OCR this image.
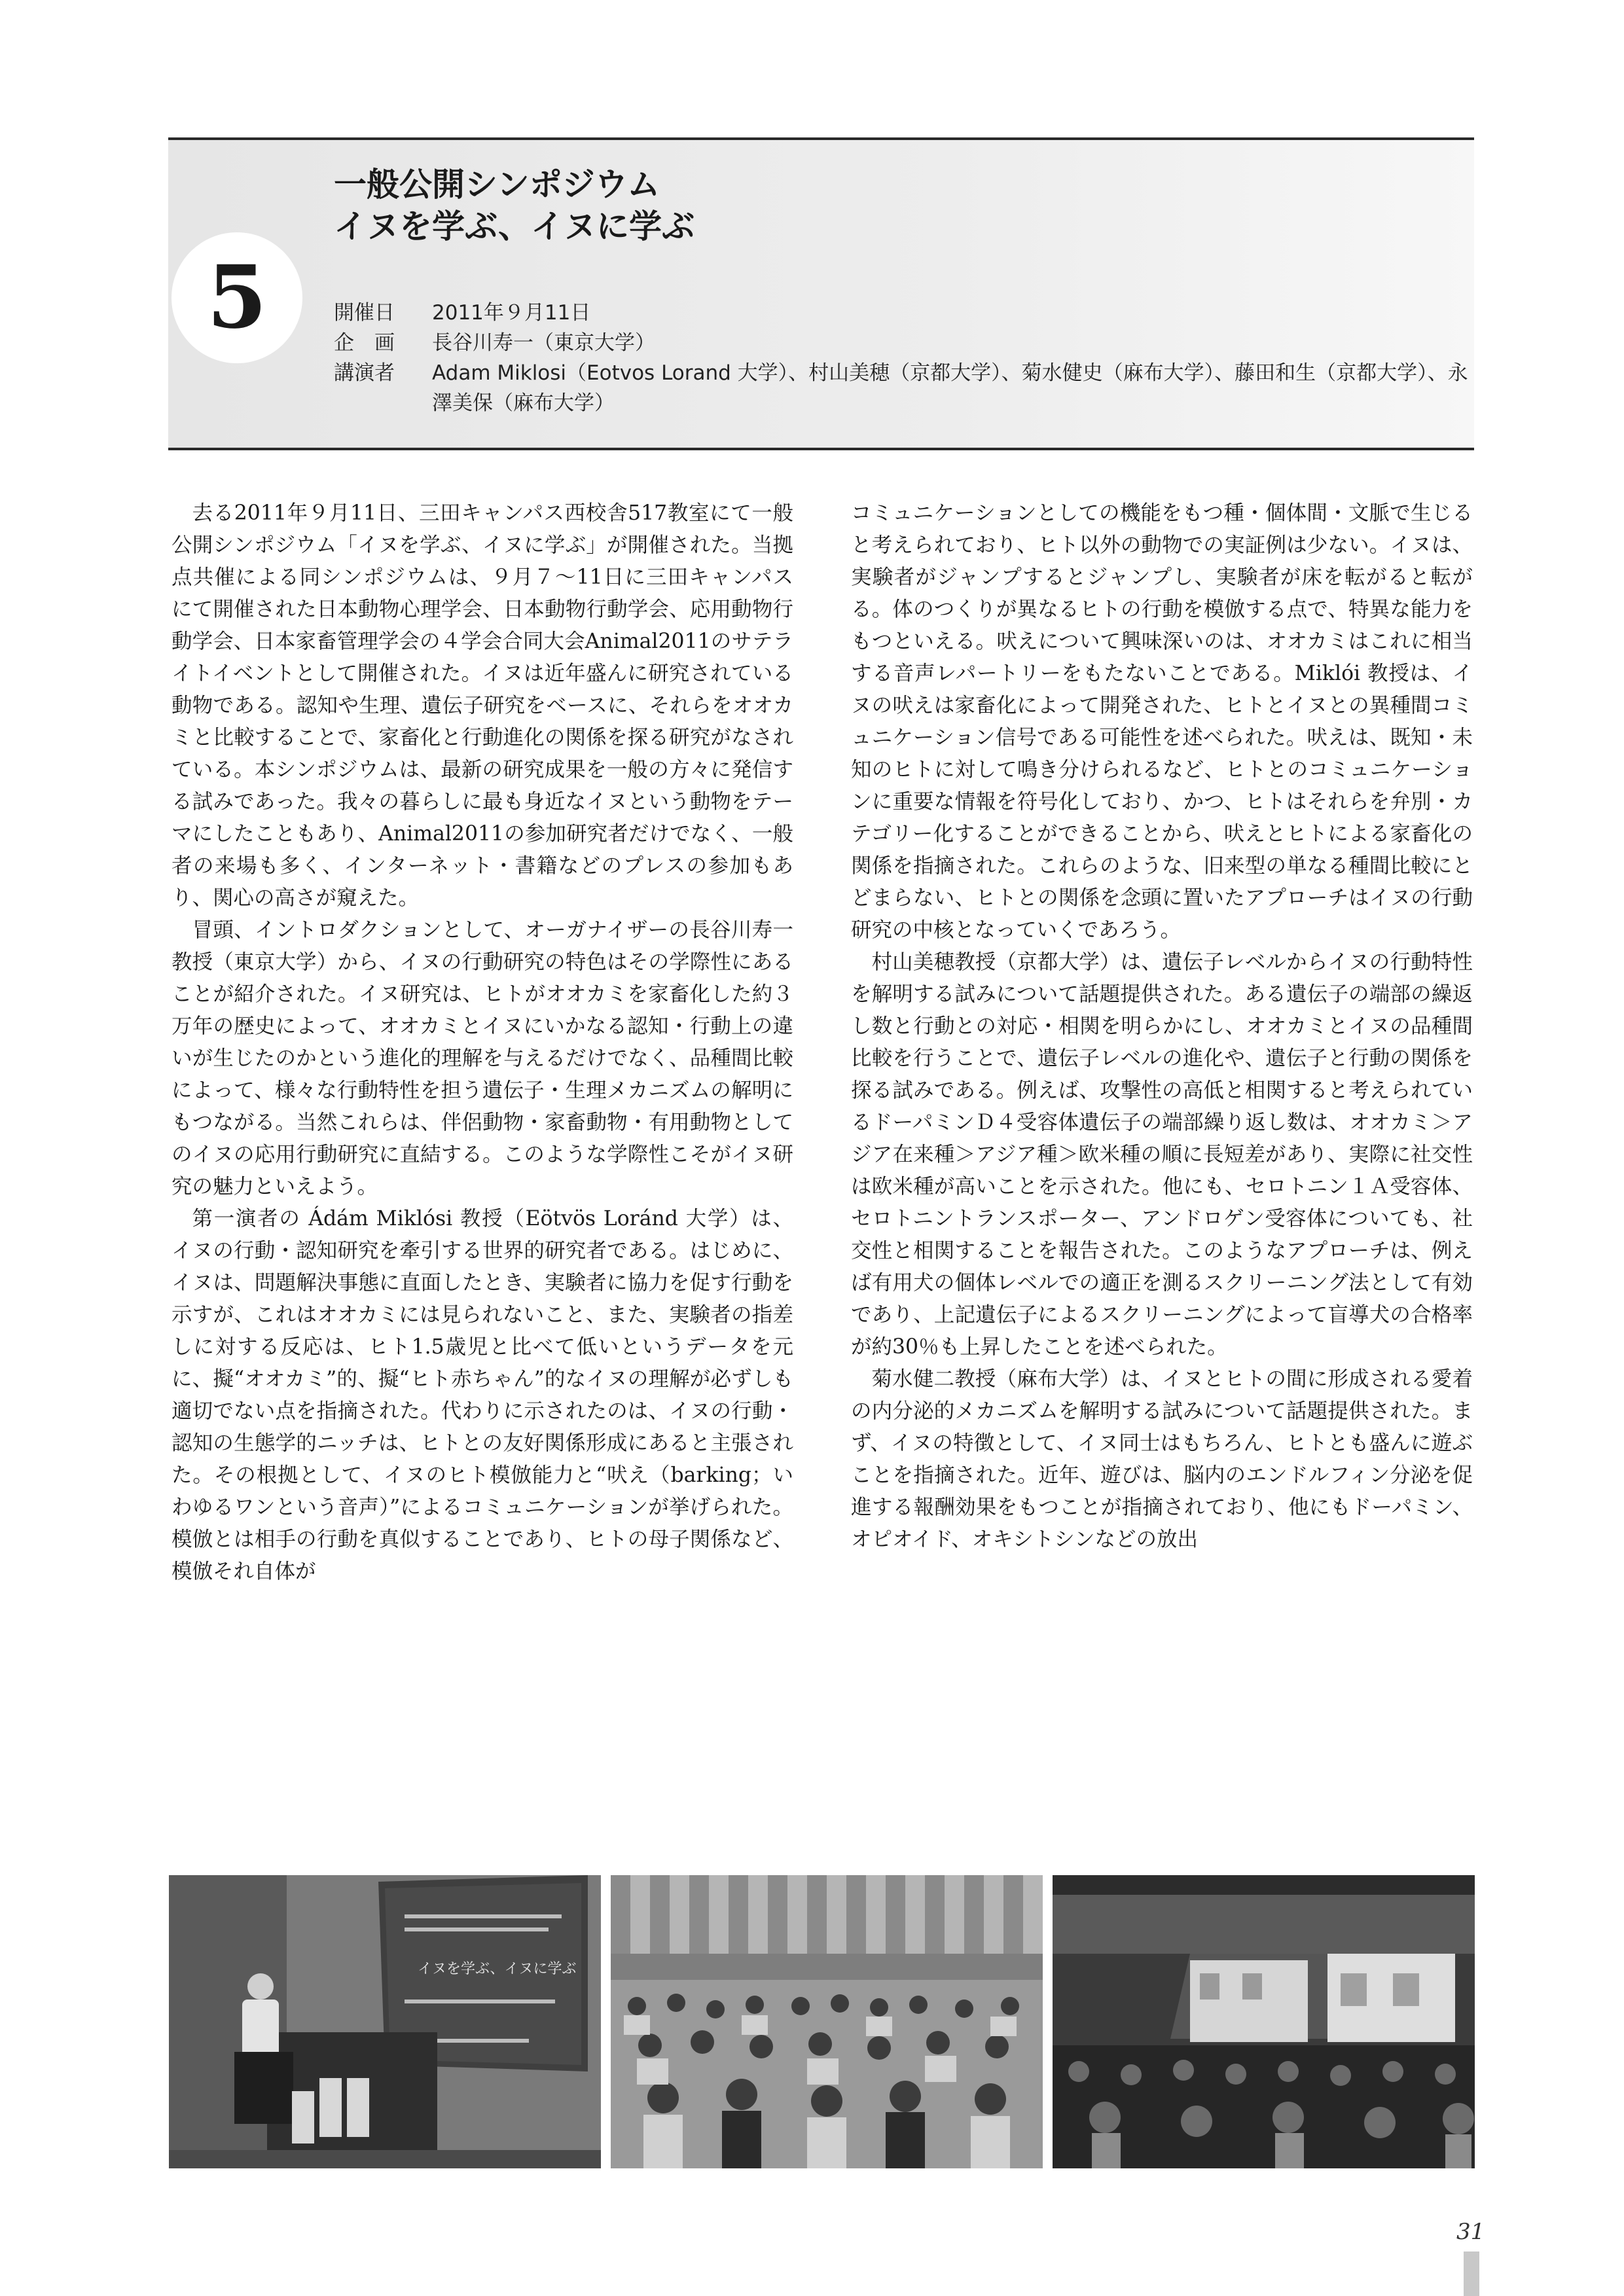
5
一般公開シンポジウム
イヌを学ぶ、イヌに学ぶ
開催日	2011年９月11日
企　画	長谷川寿一（東京大学）
講演者	Adam Miklosi（Eotvos Lorand 大学）、村山美穂（京都大学）、菊水健史（麻布大学）、藤田和生（京都大学）、永澤美保（麻布大学）

去る2011年９月11日、三田キャンパス西校舎517教室にて一般公開シンポジウム「イヌを学ぶ、イヌに学ぶ」が開催された。当拠点共催による同シンポジウムは、９月７～11日に三田キャンパスにて開催された日本動物心理学会、日本動物行動学会、応用動物行動学会、日本家畜管理学会の４学会合同大会Animal2011のサテライトイベントとして開催された。イヌは近年盛んに研究されている動物である。認知や生理、遺伝子研究をベースに、それらをオオカミと比較することで、家畜化と行動進化の関係を探る研究がなされている。本シンポジウムは、最新の研究成果を一般の方々に発信する試みであった。我々の暮らしに最も身近なイヌという動物をテーマにしたこともあり、Animal2011の参加研究者だけでなく、一般者の来場も多く、インターネット・書籍などのプレスの参加もあり、関心の高さが窺えた。

冒頭、イントロダクションとして、オーガナイザーの長谷川寿一教授（東京大学）から、イヌの行動研究の特色はその学際性にあることが紹介された。イヌ研究は、ヒトがオオカミを家畜化した約３万年の歴史によって、オオカミとイヌにいかなる認知・行動上の違いが生じたのかという進化的理解を与えるだけでなく、品種間比較によって、様々な行動特性を担う遺伝子・生理メカニズムの解明にもつながる。当然これらは、伴侶動物・家畜動物・有用動物としてのイヌの応用行動研究に直結する。このような学際性こそがイヌ研究の魅力といえよう。

第一演者の Ádám Miklósi 教授（Eötvös Loránd 大学）は、イヌの行動・認知研究を牽引する世界的研究者である。はじめに、イヌは、問題解決事態に直面したとき、実験者に協力を促す行動を示すが、これはオオカミには見られないこと、また、実験者の指差しに対する反応は、ヒト1.5歳児と比べて低いというデータを元に、擬“オオカミ”的、擬“ヒト赤ちゃん”的なイヌの理解が必ずしも適切でない点を指摘された。代わりに示されたのは、イヌの行動・認知の生態学的ニッチは、ヒトとの友好関係形成にあると主張された。その根拠として、イヌのヒト模倣能力と“吠え（barking；いわゆるワンという音声）”によるコミュニケーションが挙げられた。模倣とは相手の行動を真似することであり、ヒトの母子関係など、模倣それ自体が

コミュニケーションとしての機能をもつ種・個体間・文脈で生じると考えられており、ヒト以外の動物での実証例は少ない。イヌは、実験者がジャンプするとジャンプし、実験者が床を転がると転がる。体のつくりが異なるヒトの行動を模倣する点で、特異な能力をもつといえる。吠えについて興味深いのは、オオカミはこれに相当する音声レパートリーをもたないことである。Miklói 教授は、イヌの吠えは家畜化によって開発された、ヒトとイヌとの異種間コミュニケーション信号である可能性を述べられた。吠えは、既知・未知のヒトに対して鳴き分けられるなど、ヒトとのコミュニケーションに重要な情報を符号化しており、かつ、ヒトはそれらを弁別・カテゴリー化することができることから、吠えとヒトによる家畜化の関係を指摘された。これらのような、旧来型の単なる種間比較にとどまらない、ヒトとの関係を念頭に置いたアプローチはイヌの行動研究の中核となっていくであろう。

村山美穂教授（京都大学）は、遺伝子レベルからイヌの行動特性を解明する試みについて話題提供された。ある遺伝子の端部の繰返し数と行動との対応・相関を明らかにし、オオカミとイヌの品種間比較を行うことで、遺伝子レベルの進化や、遺伝子と行動の関係を探る試みである。例えば、攻撃性の高低と相関すると考えられているドーパミンＤ４受容体遺伝子の端部繰り返し数は、オオカミ＞アジア在来種＞アジア種＞欧米種の順に長短差があり、実際に社交性は欧米種が高いことを示された。他にも、セロトニン１Ａ受容体、セロトニントランスポーター、アンドロゲン受容体についても、社交性と相関することを報告された。このようなアプローチは、例えば有用犬の個体レベルでの適正を測るスクリーニング法として有効であり、上記遺伝子によるスクリーニングによって盲導犬の合格率が約30％も上昇したことを述べられた。

菊水健二教授（麻布大学）は、イヌとヒトの間に形成される愛着の内分泌的メカニズムを解明する試みについて話題提供された。まず、イヌの特徴として、イヌ同士はもちろん、ヒトとも盛んに遊ぶことを指摘された。近年、遊びは、脳内のエンドルフィン分泌を促進する報酬効果をもつことが指摘されており、他にもドーパミン、オピオイド、オキシトシンなどの放出

イヌを学ぶ、イヌに学ぶ
31
